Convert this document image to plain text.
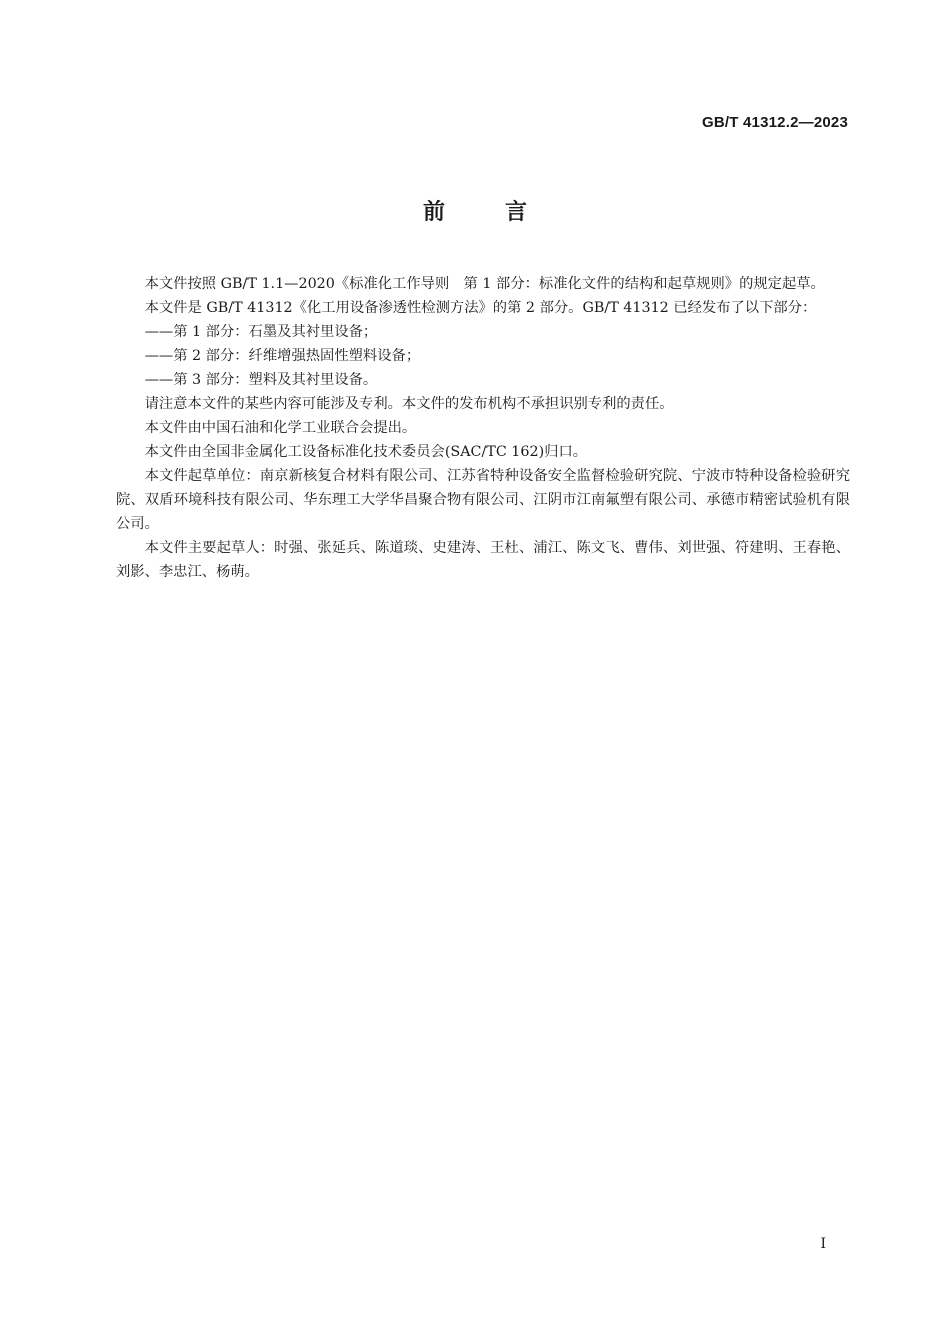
GB/T 41312.2—2023
前言

本文件按照 GB/T 1.1—2020《标准化工作导则　第 1 部分：标准化文件的结构和起草规则》的规定起草。

本文件是 GB/T 41312《化工用设备渗透性检测方法》的第 2 部分。GB/T 41312 已经发布了以下部分：

——第 1 部分：石墨及其衬里设备；

——第 2 部分：纤维增强热固性塑料设备；

——第 3 部分：塑料及其衬里设备。

请注意本文件的某些内容可能涉及专利。本文件的发布机构不承担识别专利的责任。

本文件由中国石油和化学工业联合会提出。

本文件由全国非金属化工设备标准化技术委员会(SAC/TC 162)归口。

本文件起草单位：南京新核复合材料有限公司、江苏省特种设备安全监督检验研究院、宁波市特种设备检验研究院、双盾环境科技有限公司、华东理工大学华昌聚合物有限公司、江阴市江南氟塑有限公司、承德市精密试验机有限公司。

本文件主要起草人：时强、张延兵、陈道琰、史建涛、王杜、浦江、陈文飞、曹伟、刘世强、符建明、王春艳、刘影、李忠江、杨萌。

I
